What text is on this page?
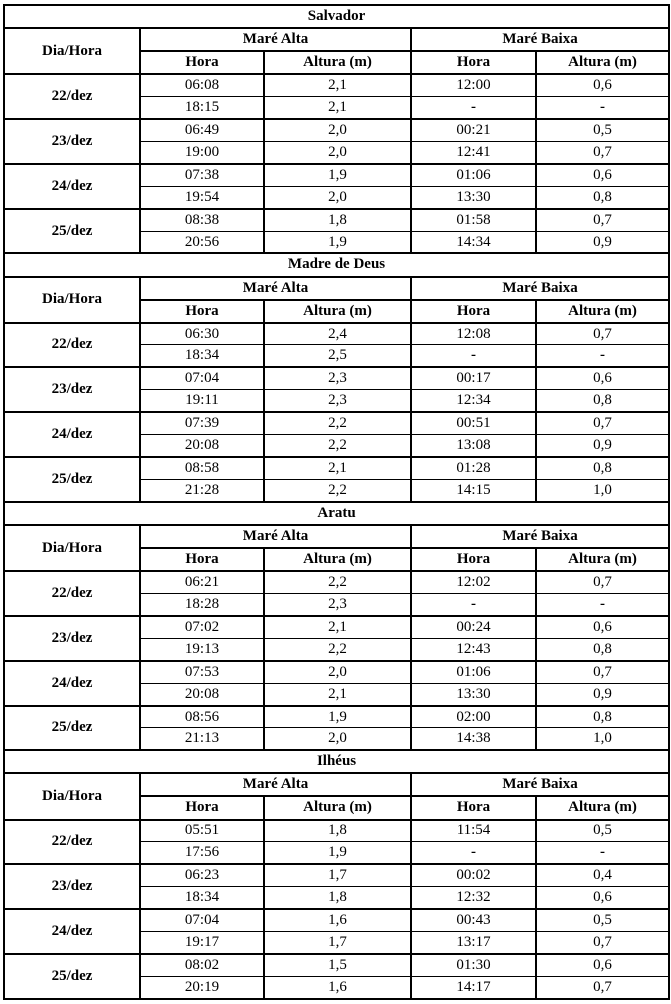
Salvador				
Dia/Hora	Maré Alta		Maré Baixa	
	Hora	Altura (m)	Hora	Altura (m)
22/dez	06:08	2,1	12:00	0,6
	18:15	2,1	-	-
23/dez	06:49	2,0	00:21	0,5
	19:00	2,0	12:41	0,7
24/dez	07:38	1,9	01:06	0,6
	19:54	2,0	13:30	0,8
25/dez	08:38	1,8	01:58	0,7
	20:56	1,9	14:34	0,9
Madre de Deus				
Dia/Hora	Maré Alta		Maré Baixa	
	Hora	Altura (m)	Hora	Altura (m)
22/dez	06:30	2,4	12:08	0,7
	18:34	2,5	-	-
23/dez	07:04	2,3	00:17	0,6
	19:11	2,3	12:34	0,8
24/dez	07:39	2,2	00:51	0,7
	20:08	2,2	13:08	0,9
25/dez	08:58	2,1	01:28	0,8
	21:28	2,2	14:15	1,0
Aratu				
Dia/Hora	Maré Alta		Maré Baixa	
	Hora	Altura (m)	Hora	Altura (m)
22/dez	06:21	2,2	12:02	0,7
	18:28	2,3	-	-
23/dez	07:02	2,1	00:24	0,6
	19:13	2,2	12:43	0,8
24/dez	07:53	2,0	01:06	0,7
	20:08	2,1	13:30	0,9
25/dez	08:56	1,9	02:00	0,8
	21:13	2,0	14:38	1,0
Ilhéus				
Dia/Hora	Maré Alta		Maré Baixa	
	Hora	Altura (m)	Hora	Altura (m)
22/dez	05:51	1,8	11:54	0,5
	17:56	1,9	-	-
23/dez	06:23	1,7	00:02	0,4
	18:34	1,8	12:32	0,6
24/dez	07:04	1,6	00:43	0,5
	19:17	1,7	13:17	0,7
25/dez	08:02	1,5	01:30	0,6
	20:19	1,6	14:17	0,7
